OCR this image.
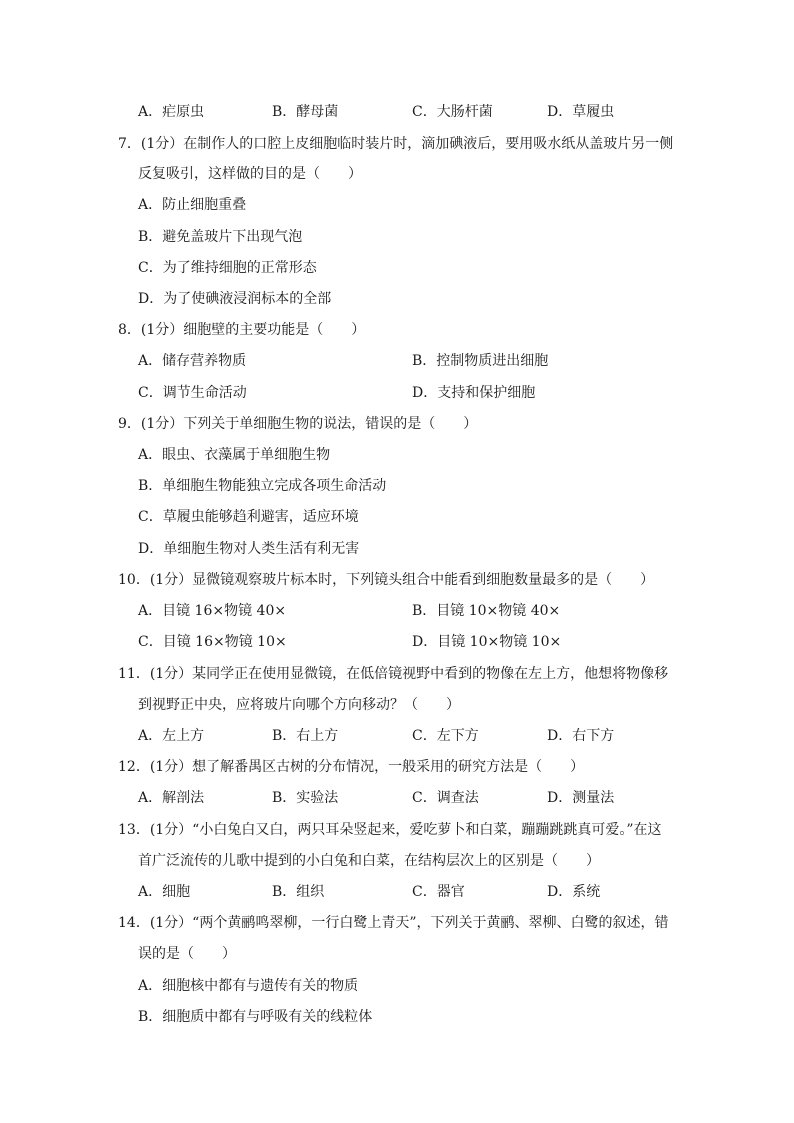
A．疟原虫	B．酵母菌	C．大肠杆菌	D．草履虫
7．(1分）在制作人的口腔上皮细胞临时装片时，滴加碘液后，要用吸水纸从盖玻片另一侧
反复吸引，这样做的目的是（　　）
A．防止细胞重叠
B．避免盖玻片下出现气泡
C．为了维持细胞的正常形态
D．为了使碘液浸润标本的全部
8．(1分）细胞壁的主要功能是（　　）
A．储存营养物质	B．控制物质进出细胞
C．调节生命活动	D．支持和保护细胞
9．(1分）下列关于单细胞生物的说法，错误的是（　　）
A．眼虫、衣藻属于单细胞生物
B．单细胞生物能独立完成各项生命活动
C．草履虫能够趋利避害，适应环境
D．单细胞生物对人类生活有利无害
10．(1分）显微镜观察玻片标本时，下列镜头组合中能看到细胞数量最多的是（　　）
A．目镜 16×物镜 40×	B．目镜 10×物镜 40×
C．目镜 16×物镜 10×	D．目镜 10×物镜 10×
11．(1分）某同学正在使用显微镜，在低倍镜视野中看到的物像在左上方，他想将物像移
到视野正中央，应将玻片向哪个方向移动？（　　）
A．左上方	B．右上方	C．左下方	D．右下方
12．(1分）想了解番禺区古树的分布情况，一般采用的研究方法是（　　）
A．解剖法	B．实验法	C．调查法	D．测量法
13．(1分）“小白兔白又白，两只耳朵竖起来，爱吃萝卜和白菜，蹦蹦跳跳真可爱。”在这
首广泛流传的儿歌中提到的小白兔和白菜，在结构层次上的区别是（　　）
A．细胞	B．组织	C．器官	D．系统
14．(1分）“两个黄鹂鸣翠柳，一行白鹭上青天”，下列关于黄鹂、翠柳、白鹭的叙述，错
误的是（　　）
A．细胞核中都有与遗传有关的物质
B．细胞质中都有与呼吸有关的线粒体
